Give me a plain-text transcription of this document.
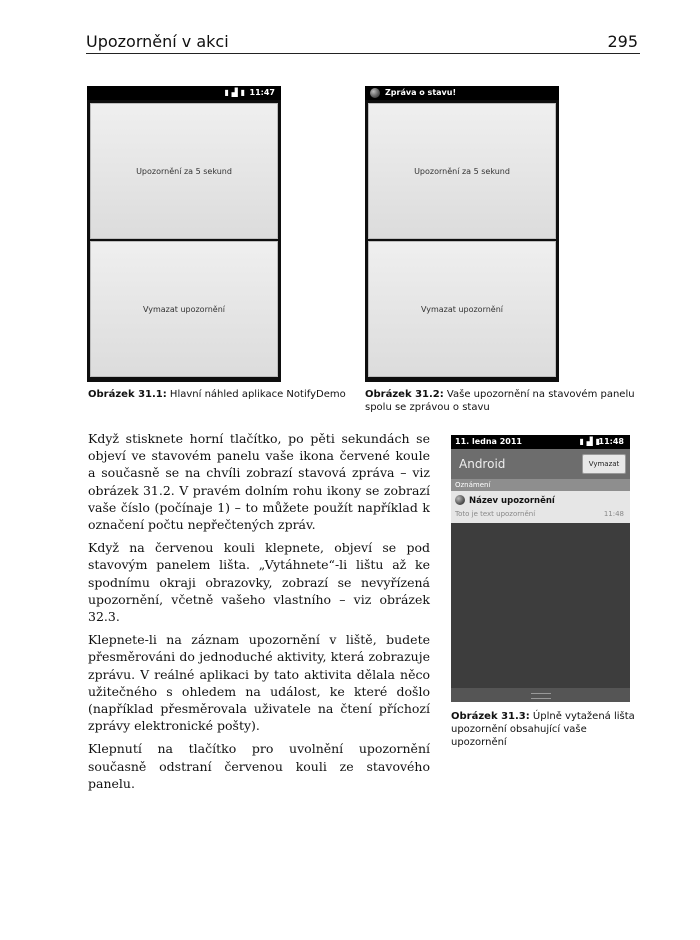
Upozornění v akci	295
▮ ▟ ▮ 11:47
Upozornění za 5 sekund
Vymazat upozornění
Obrázek 31.1: Hlavní náhled aplikace NotifyDemo
Zpráva o stavu!
Upozornění za 5 sekund
Vymazat upozornění
Obrázek 31.2: Vaše upozornění na stavovém panelu spolu se zprávou o stavu

Když stisknete horní tlačítko, po pěti sekundách se objeví ve stavovém panelu vaše ikona červené koule a současně se na chvíli zobrazí stavová zpráva – viz obrázek 31.2. V pravém dolním rohu ikony se zobrazí vaše číslo (počínaje 1) – to můžete použít například k označení počtu nepřečtených zpráv.

Když na červenou kouli klepnete, objeví se pod stavovým panelem lišta. „Vytáhnete“-li lištu až ke spodnímu okraji obrazovky, zobrazí se nevyřízená upozornění, včetně vašeho vlastního – viz obrázek 32.3.

Klepnete-li na záznam upozornění v liště, budete přesměrováni do jednoduché aktivity, která zobrazuje zprávu. V reálné aplikaci by tato aktivita dělala něco užitečného s ohledem na událost, ke které došlo (například přesměrovala uživatele na čtení příchozí zprávy elektronické pošty).

Klepnutí na tlačítko pro uvolnění upozornění současně odstraní červenou kouli ze stavového panelu.

11. ledna 2011	▮ ▟ ▮
11:48
Android	Vymazat
Oznámení
Název upozornění
Toto je text upozornění	11:48
Obrázek 31.3: Úplně vytažená lišta upozornění obsahující vaše upozornění
